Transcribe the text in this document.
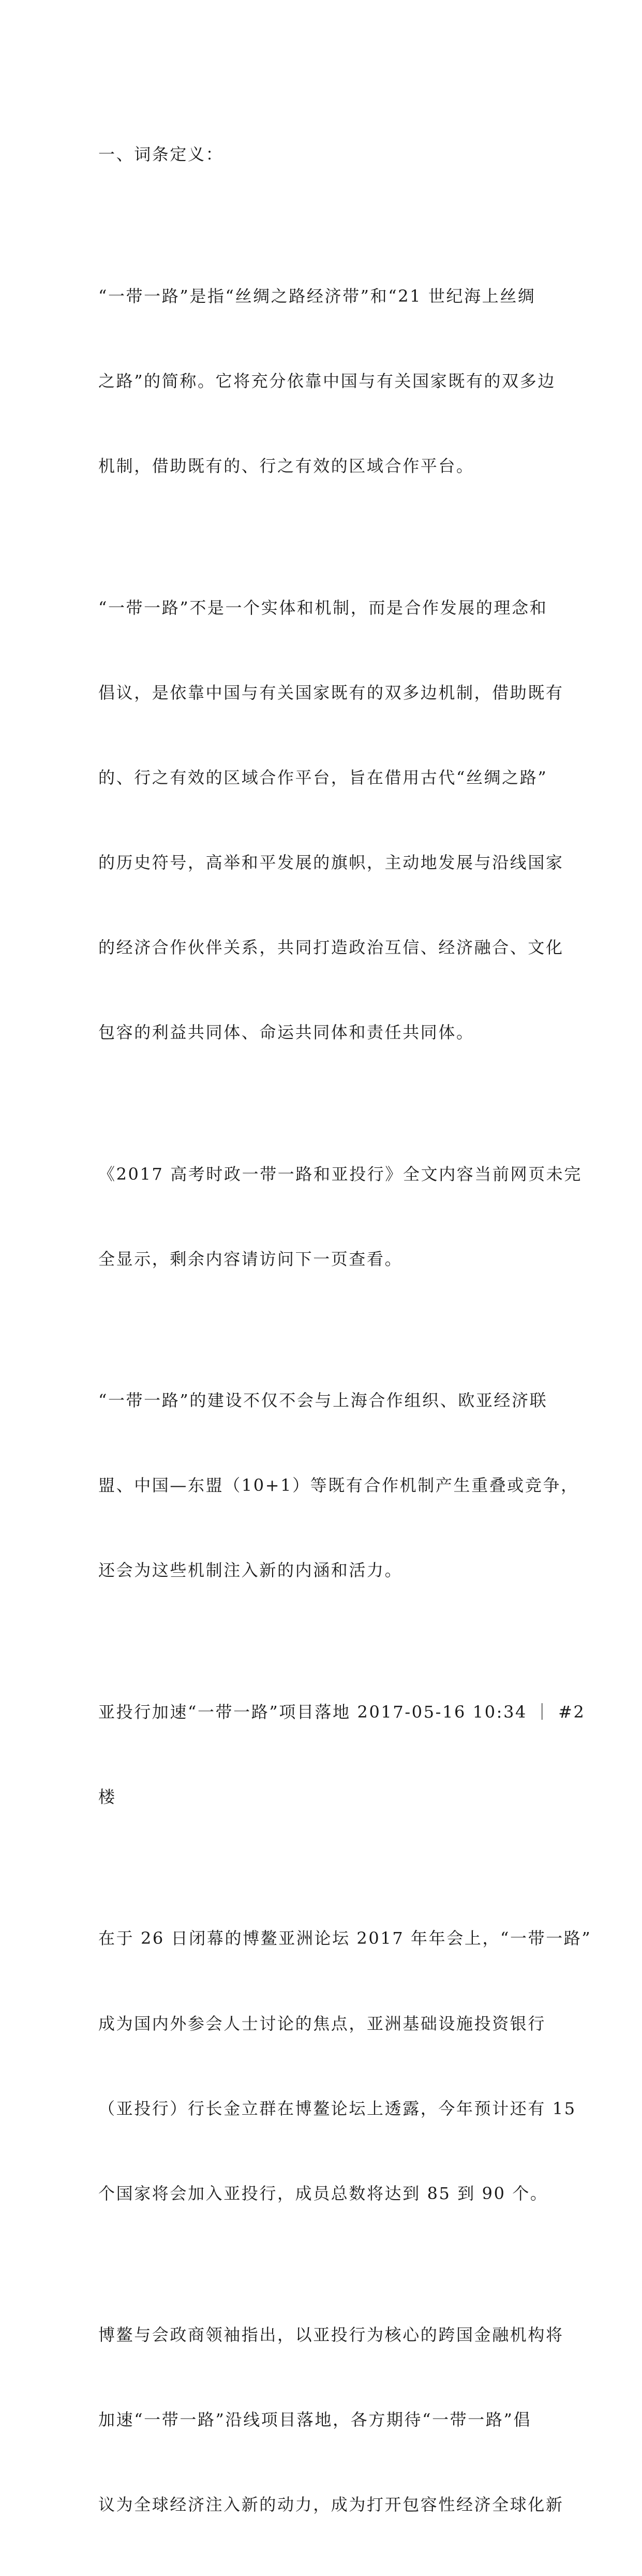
一、词条定义：

“一带一路”是指“丝绸之路经济带”和“21 世纪海上丝绸

之路”的简称。它将充分依靠中国与有关国家既有的双多边

机制，借助既有的、行之有效的区域合作平台。

“一带一路”不是一个实体和机制，而是合作发展的理念和

倡议，是依靠中国与有关国家既有的双多边机制，借助既有

的、行之有效的区域合作平台，旨在借用古代“丝绸之路”

的历史符号，高举和平发展的旗帜，主动地发展与沿线国家

的经济合作伙伴关系，共同打造政治互信、经济融合、文化

包容的利益共同体、命运共同体和责任共同体。

《2017 高考时政一带一路和亚投行》全文内容当前网页未完

全显示，剩余内容请访问下一页查看。

“一带一路”的建设不仅不会与上海合作组织、欧亚经济联

盟、中国—东盟（10+1）等既有合作机制产生重叠或竞争，

还会为这些机制注入新的内涵和活力。

亚投行加速“一带一路”项目落地 2017-05-16 10:34 ｜ #2

楼

在于 26 日闭幕的博鳌亚洲论坛 2017 年年会上，“一带一路”

成为国内外参会人士讨论的焦点，亚洲基础设施投资银行

（亚投行）行长金立群在博鳌论坛上透露，今年预计还有 15

个国家将会加入亚投行，成员总数将达到 85 到 90 个。

博鳌与会政商领袖指出，以亚投行为核心的跨国金融机构将

加速“一带一路”沿线项目落地，各方期待“一带一路”倡

议为全球经济注入新的动力，成为打开包容性经济全球化新
